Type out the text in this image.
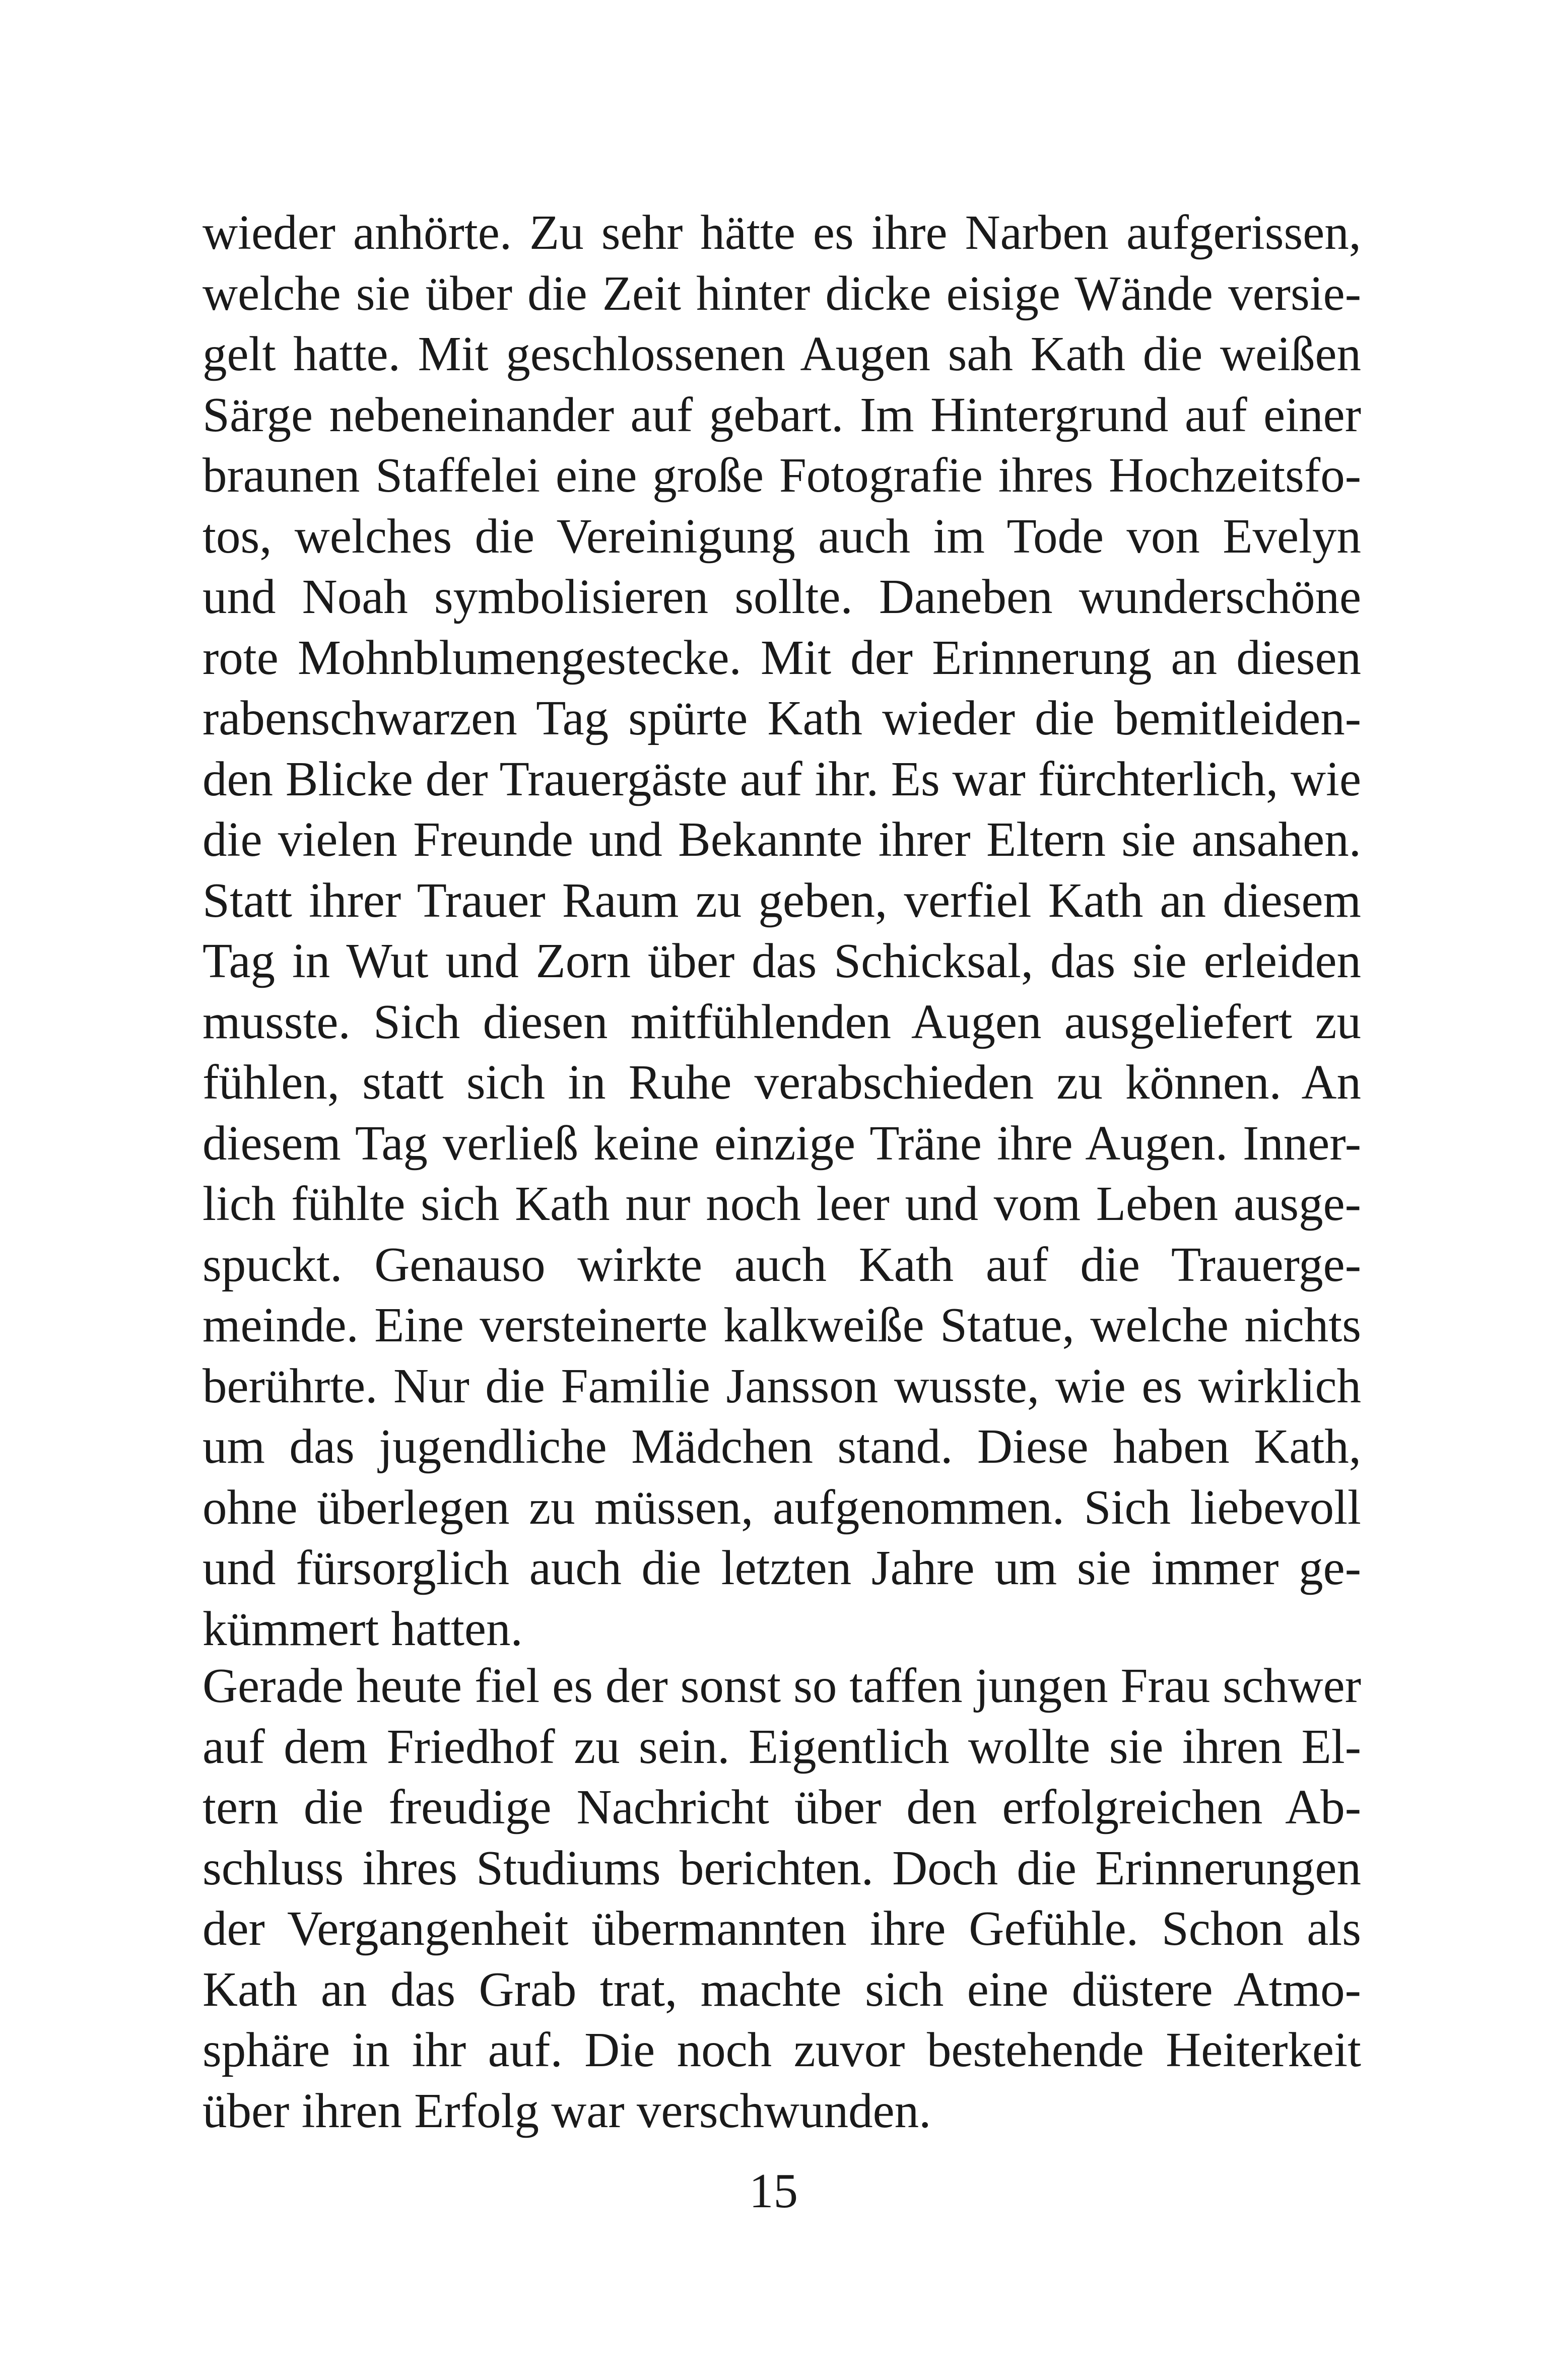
wieder anhörte. Zu sehr hätte es ihre Narben aufgerissen,
welche sie über die Zeit hinter dicke eisige Wände versie-
gelt hatte. Mit geschlossenen Augen sah Kath die weißen
Särge nebeneinander auf gebart. Im Hintergrund auf einer
braunen Staffelei eine große Fotografie ihres Hochzeitsfo-
tos, welches die Vereinigung auch im Tode von Evelyn
und Noah symbolisieren sollte. Daneben wunderschöne
rote Mohnblumengestecke. Mit der Erinnerung an diesen
rabenschwarzen Tag spürte Kath wieder die bemitleiden-
den Blicke der Trauergäste auf ihr. Es war fürchterlich, wie
die vielen Freunde und Bekannte ihrer Eltern sie ansahen.
Statt ihrer Trauer Raum zu geben, verfiel Kath an diesem
Tag in Wut und Zorn über das Schicksal, das sie erleiden
musste. Sich diesen mitfühlenden Augen ausgeliefert zu
fühlen, statt sich in Ruhe verabschieden zu können. An
diesem Tag verließ keine einzige Träne ihre Augen. Inner-
lich fühlte sich Kath nur noch leer und vom Leben ausge-
spuckt. Genauso wirkte auch Kath auf die Trauerge-
meinde. Eine versteinerte kalkweiße Statue, welche nichts
berührte. Nur die Familie Jansson wusste, wie es wirklich
um das jugendliche Mädchen stand. Diese haben Kath,
ohne überlegen zu müssen, aufgenommen. Sich liebevoll
und fürsorglich auch die letzten Jahre um sie immer ge-
kümmert hatten.
Gerade heute fiel es der sonst so taffen jungen Frau schwer
auf dem Friedhof zu sein. Eigentlich wollte sie ihren El-
tern die freudige Nachricht über den erfolgreichen Ab-
schluss ihres Studiums berichten. Doch die Erinnerungen
der Vergangenheit übermannten ihre Gefühle. Schon als
Kath an das Grab trat, machte sich eine düstere Atmo-
sphäre in ihr auf. Die noch zuvor bestehende Heiterkeit
über ihren Erfolg war verschwunden.
15
